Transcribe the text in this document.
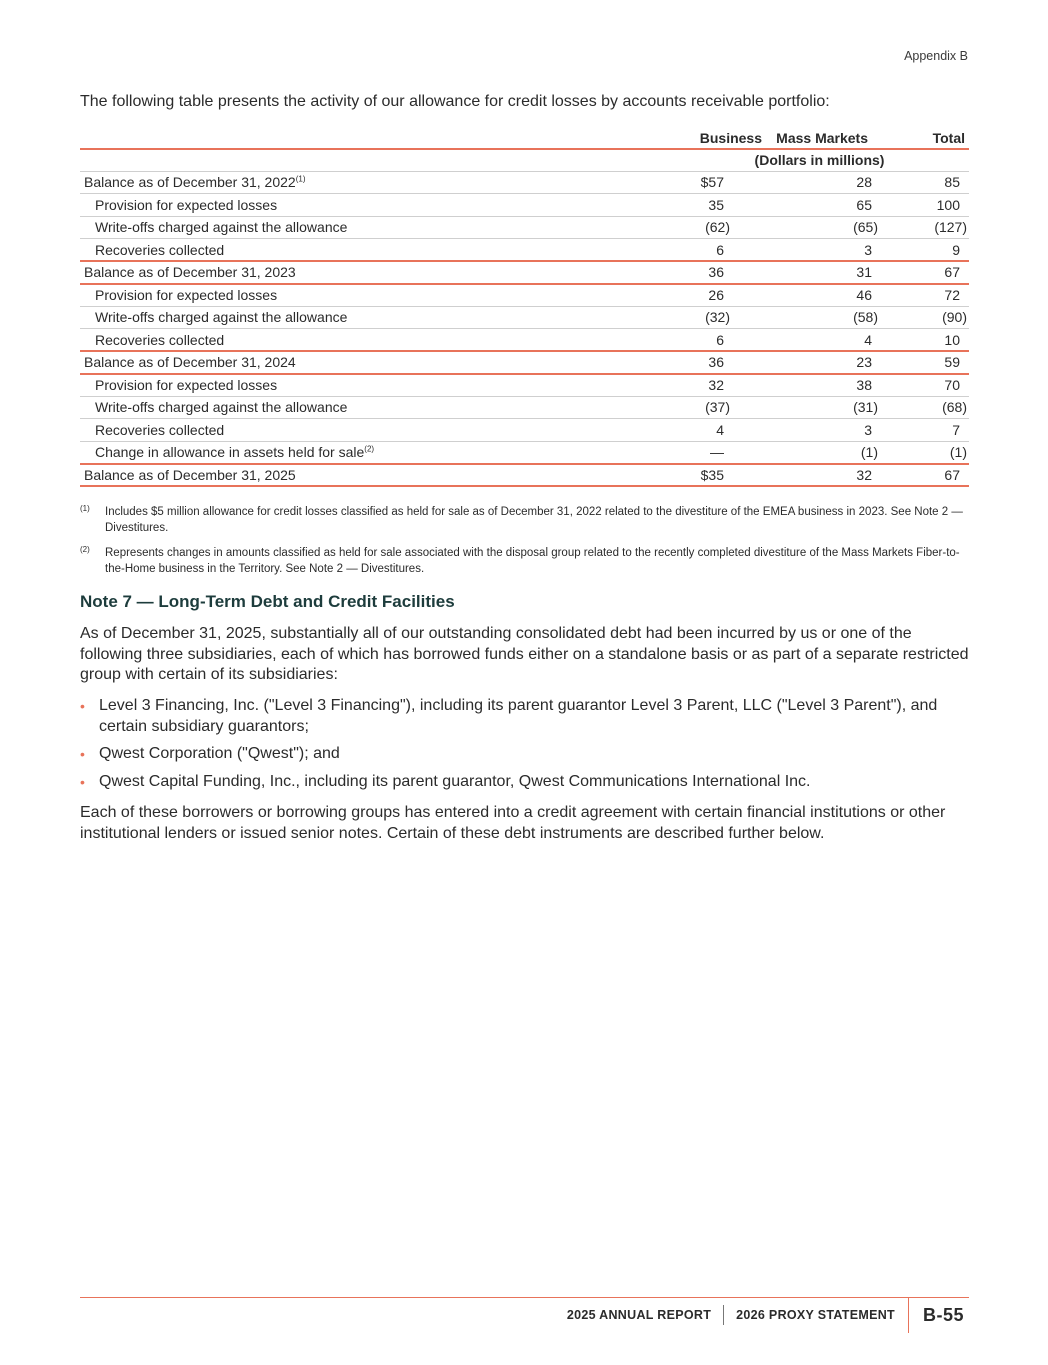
Appendix B

The following table presents the activity of our allowance for credit losses by accounts receivable portfolio:

	Business	Mass Markets	Total
	(Dollars in millions)		
Balance as of December 31, 2022$^{(1)}$	$57	28	85
Provision for expected losses	35	65	100
Write-offs charged against the allowance	(62)	(65)	(127)
Recoveries collected	6	3	9
Balance as of December 31, 2023	36	31	67
Provision for expected losses	26	46	72
Write-offs charged against the allowance	(32)	(58)	(90)
Recoveries collected	6	4	10
Balance as of December 31, 2024	36	23	59
Provision for expected losses	32	38	70
Write-offs charged against the allowance	(37)	(31)	(68)
Recoveries collected	4	3	7
Change in allowance in assets held for sale$^{(2)}$	—	(1)	(1)
Balance as of December 31, 2025	$35	32	67
(1)	Includes $5 million allowance for credit losses classified as held for sale as of December 31, 2022 related to the divestiture of the EMEA business in 2023. See Note 2 — Divestitures.
(2)	Represents changes in amounts classified as held for sale associated with the disposal group related to the recently completed divestiture of the Mass Markets Fiber-to-the-Home business in the Territory. See Note 2 — Divestitures.
Note 7 — Long-Term Debt and Credit Facilities

As of December 31, 2025, substantially all of our outstanding consolidated debt had been incurred by us or one of the following three subsidiaries, each of which has borrowed funds either on a standalone basis or as part of a separate restricted group with certain of its subsidiaries:

• Level 3 Financing, Inc. ("Level 3 Financing"), including its parent guarantor Level 3 Parent, LLC ("Level 3 Parent"), and certain subsidiary guarantors;
• Qwest Corporation ("Qwest"); and
• Qwest Capital Funding, Inc., including its parent guarantor, Qwest Communications International Inc.

Each of these borrowers or borrowing groups has entered into a credit agreement with certain financial institutions or other institutional lenders or issued senior notes. Certain of these debt instruments are described further below.

2025 ANNUAL REPORT 2026 PROXY STATEMENT B-55
